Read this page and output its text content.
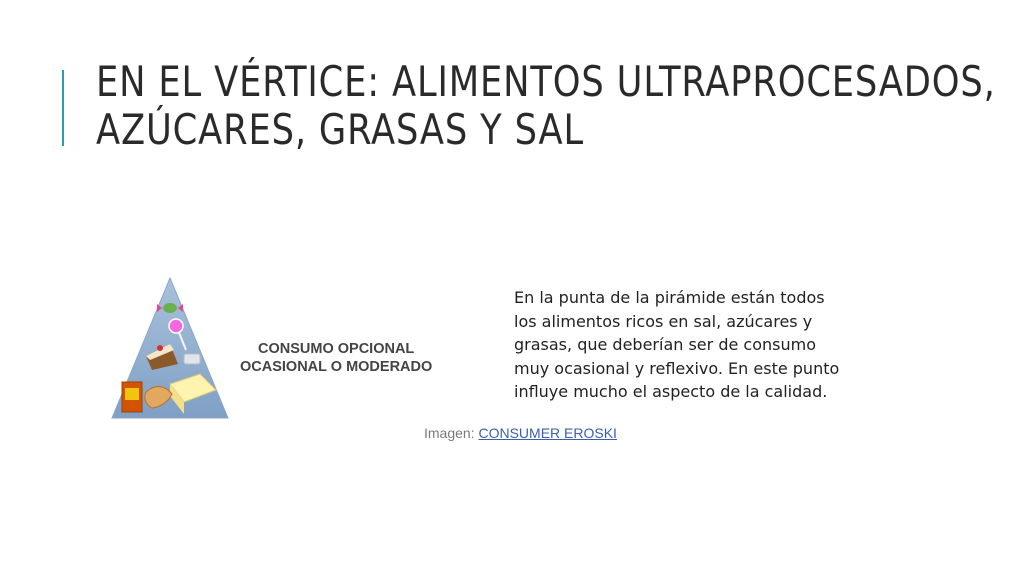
EN EL VÉRTICE: ALIMENTOS ULTRAPROCESADOS,
AZÚCARES, GRASAS Y SAL
CONSUMO OPCIONAL
OCASIONAL O MODERADO
Imagen: CONSUMER EROSKI

En la punta de la pirámide están todos
los alimentos ricos en sal, azúcares y
grasas, que deberían ser de consumo
muy ocasional y reflexivo. En este punto
influye mucho el aspecto de la calidad.
